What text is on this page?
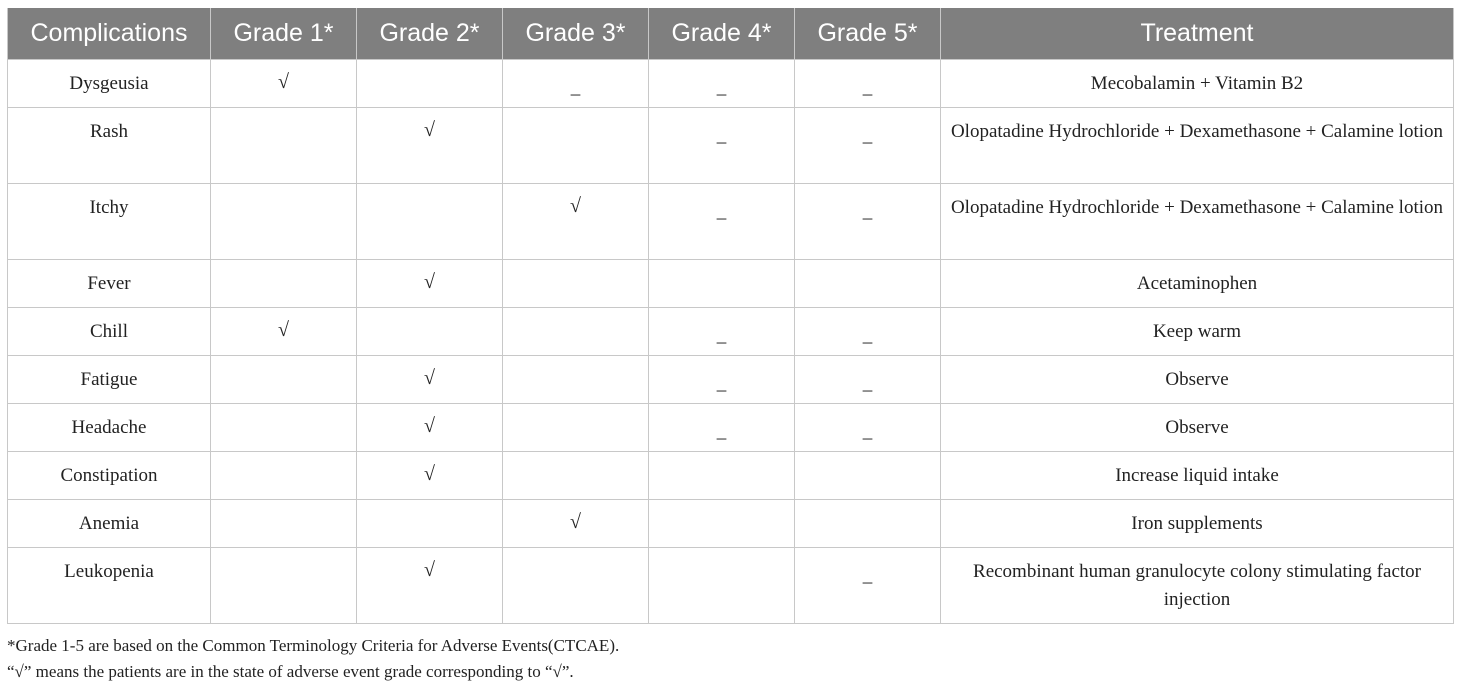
Complications	Grade 1*	Grade 2*	Grade 3*	Grade 4*	Grade 5*	Treatment
Dysgeusia	√		_	_	_	Mecobalamin + Vitamin B2
Rash		√		_	_	Olopatadine Hydrochloride + Dexamethasone + Calamine lotion
Itchy			√	_	_	Olopatadine Hydrochloride + Dexamethasone + Calamine lotion
Fever		√				Acetaminophen
Chill	√			_	_	Keep warm
Fatigue		√		_	_	Observe
Headache		√		_	_	Observe
Constipation		√				Increase liquid intake
Anemia			√			Iron supplements
Leukopenia		√			_	Recombinant human granulocyte colony stimulating factor injection
*Grade 1-5 are based on the Common Terminology Criteria for Adverse Events(CTCAE).
“√” means the patients are in the state of adverse event grade corresponding to “√”.
